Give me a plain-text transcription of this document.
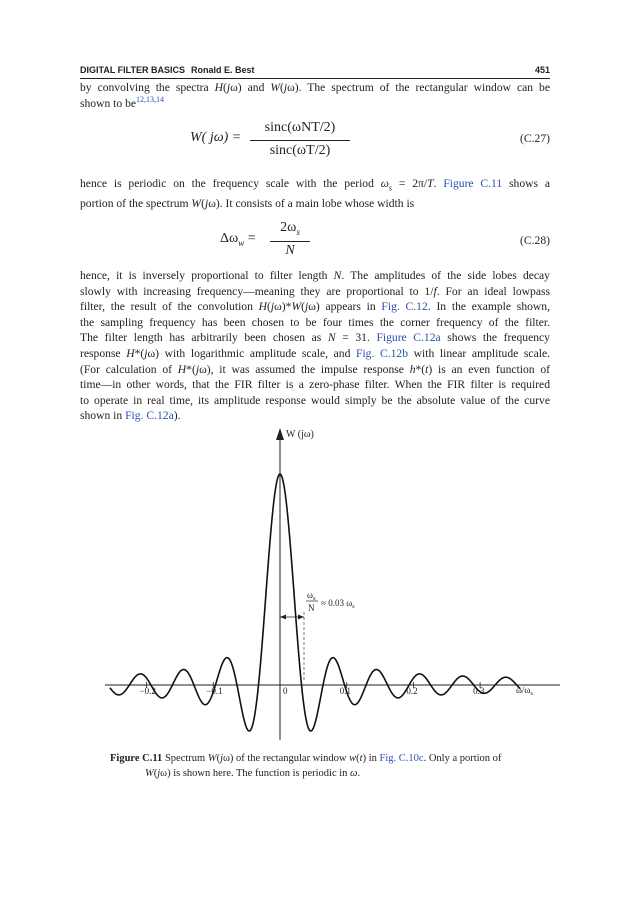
DIGITAL FILTER BASICS Ronald E. Best	451

by convolving the spectra H(jω) and W(jω). The spectrum of the rectangular window can be
shown to be$^{12,13,14}$

W( jω) =
sinc(ωNT/2)
sinc(ωT/2)
(C.27)

hence is periodic on the frequency scale with the period $\omega_s = 2\pi/T$. Figure C.11 shows a
portion of the spectrum W(jω). It consists of a main lobe whose width is

$\Delta\omega_w$ =
$2\omega_s$
N
(C.28)

hence, it is inversely proportional to filter length N. The amplitudes of the side lobes decay
slowly with increasing frequency—meaning they are proportional to 1/f. For an ideal lowpass
filter, the result of the convolution H(jω)*W(jω) appears in Fig. C.12. In the example shown,
the sampling frequency has been chosen to be four times the corner frequency of the filter.
The filter length has arbitrarily been chosen as N = 31. Figure C.12a shows the frequency
response H*(jω) with logarithmic amplitude scale, and Fig. C.12b with linear amplitude scale.
(For calculation of H*(jω), it was assumed the impulse response h*(t) is an even function of
time—in other words, that the FIR filter is a zero-phase filter. When the FIR filter is required
to operate in real time, its amplitude response would simply be the absolute value of the curve
shown in Fig. C.12a).

W (jω)
−0.2	−0.1	0	0.1	0.2	0.3
$\omega_s$
N ≈ 0.03 $\omega_s$
$\omega/\omega_s$
Figure C.11 Spectrum W(jω) of the rectangular window w(t) in Fig. C.10c. Only a portion of
W(jω) is shown here. The function is periodic in ω.
